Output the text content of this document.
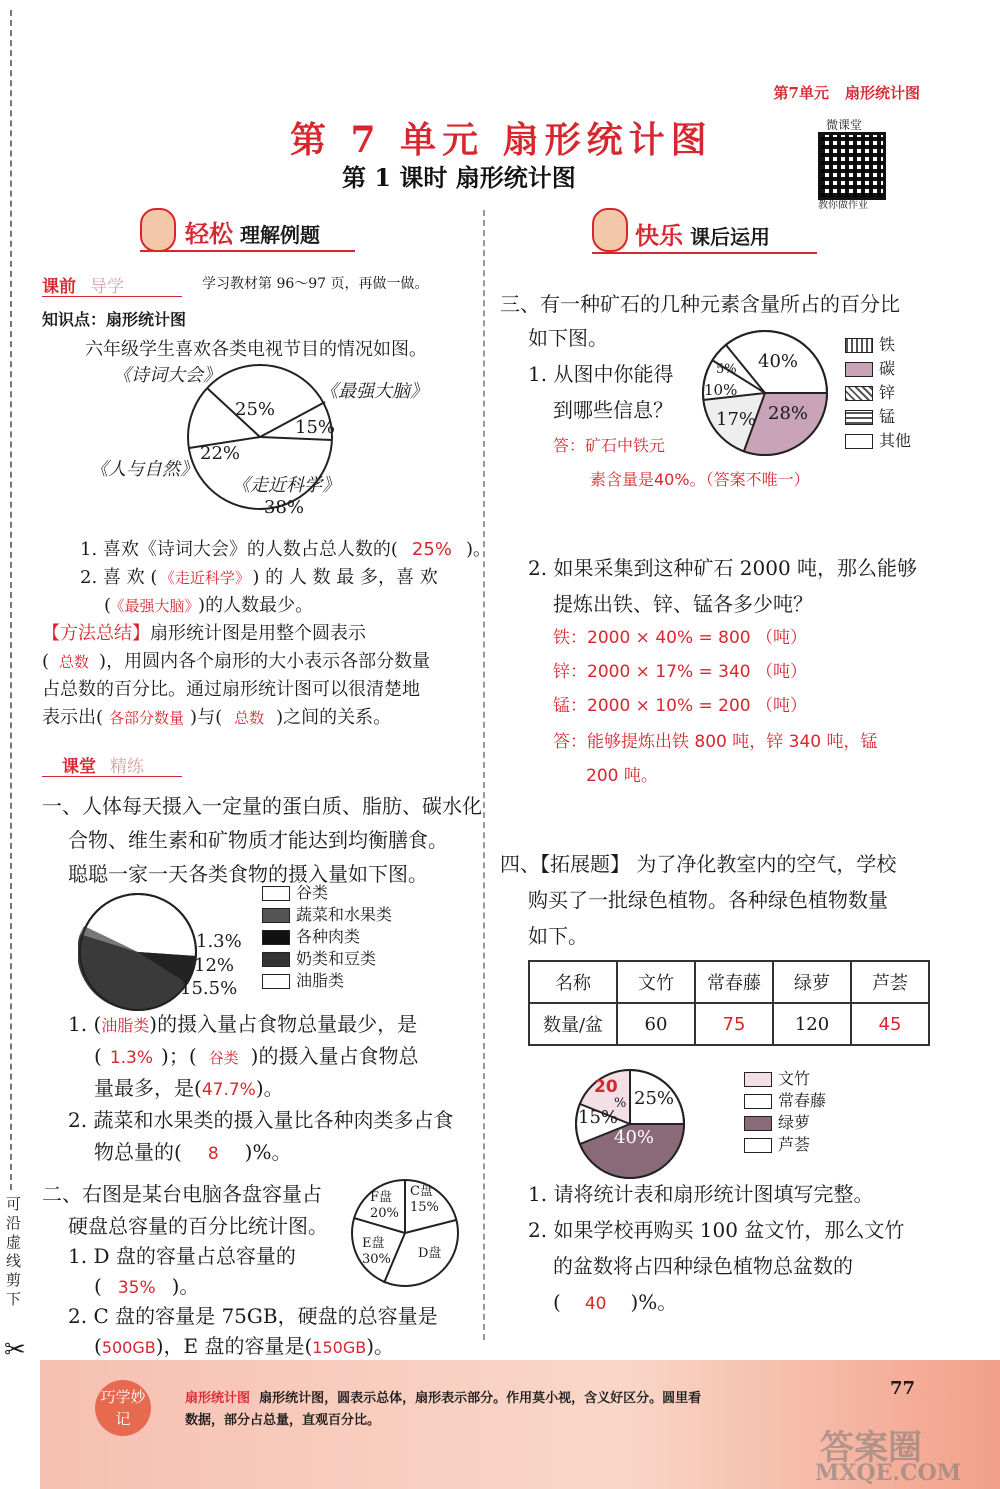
可沿虚线剪下
✂
第7单元 扇形统计图
第 7 单元 扇形统计图
第 1 课时 扇形统计图
微课堂
教你做作业
轻松 理解例题
课前 导学	学习教材第 96～97 页，再做一做。
知识点：扇形统计图
六年级学生喜欢各类电视节目的情况如图。
25%
15%
22%
38%
《诗词大会》
《最强大脑》
《人与自然》
《走近科学》
1. 喜欢《诗词大会》的人数占总人数的( 25% )。
2. 喜 欢 ( 《走近科学》 ) 的 人 数 最 多，喜 欢
( 《最强大脑》 )的人数最少。
【方法总结】扇形统计图是用整个圆表示
( 总数 )，用圆内各个扇形的大小表示各部分数量
占总数的百分比。通过扇形统计图可以很清楚地
表示出( 各部分数量 )与( 总数 )之间的关系。
课堂 精练
一、人体每天摄入一定量的蛋白质、脂肪、碳水化
合物、维生素和矿物质才能达到均衡膳食。
聪聪一家一天各类食物的摄入量如下图。
1.3%
12%
15.5%
谷类
蔬菜和水果类
各种肉类
奶类和豆类
油脂类
1. (油脂类)的摄入量占食物总量最少，是
( 1.3% )；( 谷类 )的摄入量占食物总
量最多，是(47.7%)。
2. 蔬菜和水果类的摄入量比各种肉类多占食
物总量的( 8 )%。
二、右图是某台电脑各盘容量占
硬盘总容量的百分比统计图。
F盘 20%
C盘 15%
E盘 30% D盘
1. D 盘的容量占总容量的
( 35% )。
2. C 盘的容量是 75GB，硬盘的总容量是
(500GB)，E 盘的容量是(150GB)。
快乐 课后运用
三、有一种矿石的几种元素含量所占的百分比
如下图。
1. 从图中你能得
到哪些信息？
答：矿石中铁元
素含量是40%。（答案不唯一）
40%
5%
10%
17% 28%
铁
碳
锌
锰
其他
2. 如果采集到这种矿石 2000 吨，那么能够
提炼出铁、锌、锰各多少吨？
铁：2000 × 40% = 800 （吨）
锌：2000 × 17% = 340 （吨）
锰：2000 × 10% = 200 （吨）
答：能够提炼出铁 800 吨，锌 340 吨，锰
200 吨。
四、【拓展题】 为了净化教室内的空气，学校
购买了一批绿色植物。各种绿色植物数量
如下。
名称	文竹	常春藤	绿萝	芦荟
数量/盆	60	75	120	45
20
% 25%
15%
40%
文竹
常春藤
绿萝
芦荟
1. 请将统计表和扇形统计图填写完整。
2. 如果学校再购买 100 盆文竹，那么文竹
的盆数将占四种绿色植物总盆数的
( 40 )%。
巧学妙记
扇形统计图 扇形统计图，圆表示总体，扇形表示部分。作用莫小视，含义好区分。圆里看
数据，部分占总量，直观百分比。
77
答案圈
MXQE.COM
